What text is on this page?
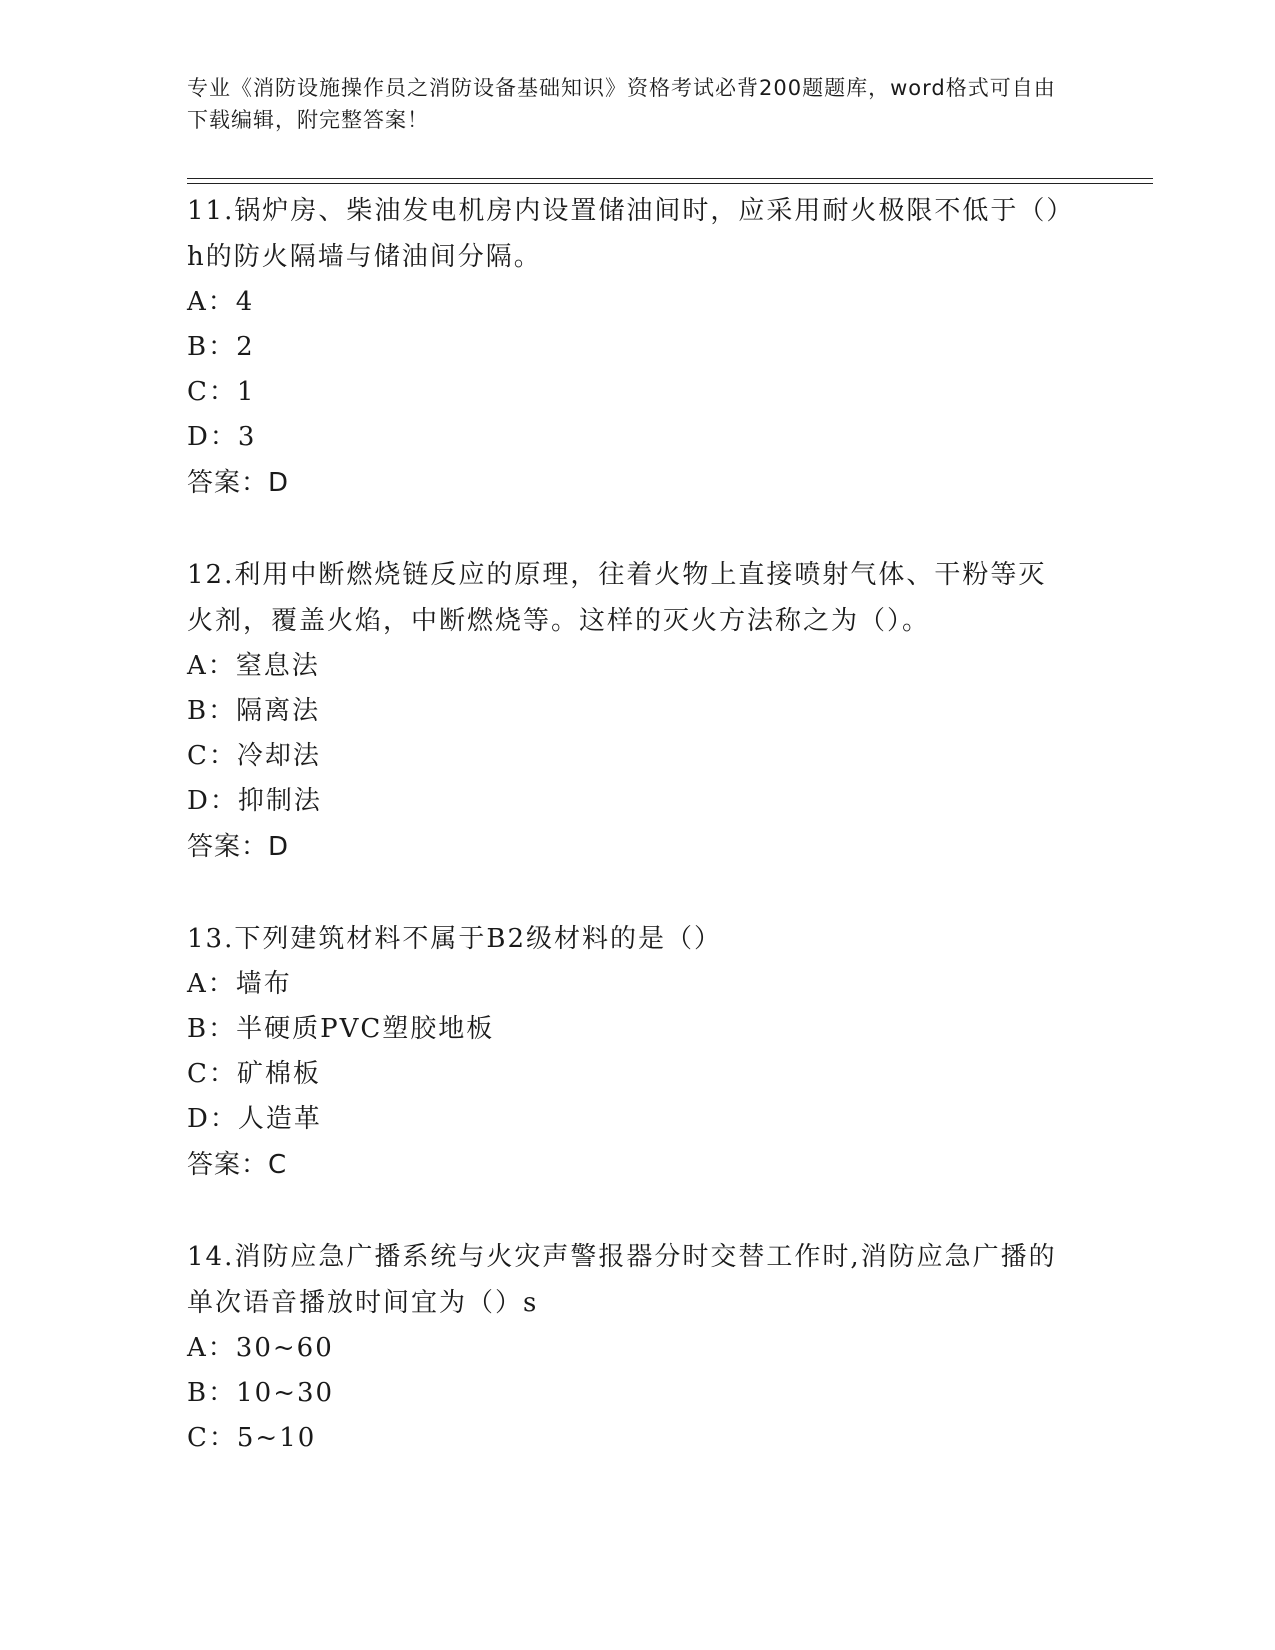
专业《消防设施操作员之消防设备基础知识》资格考试必背200题题库，word格式可自由下载编辑，附完整答案！

11.锅炉房、柴油发电机房内设置储油间时，应采用耐火极限不低于（）h的防火隔墙与储油间分隔。

A：4

B：2

C：1

D：3

答案：D

12.利用中断燃烧链反应的原理，往着火物上直接喷射气体、干粉等灭火剂，覆盖火焰，中断燃烧等。这样的灭火方法称之为（）。

A：窒息法

B：隔离法

C：冷却法

D：抑制法

答案：D

13.下列建筑材料不属于B2级材料的是（）

A：墙布

B：半硬质PVC塑胶地板

C：矿棉板

D：人造革

答案：C

14.消防应急广播系统与火灾声警报器分时交替工作时,消防应急广播的单次语音播放时间宜为（）s

A：30~60

B：10~30

C：5~10
